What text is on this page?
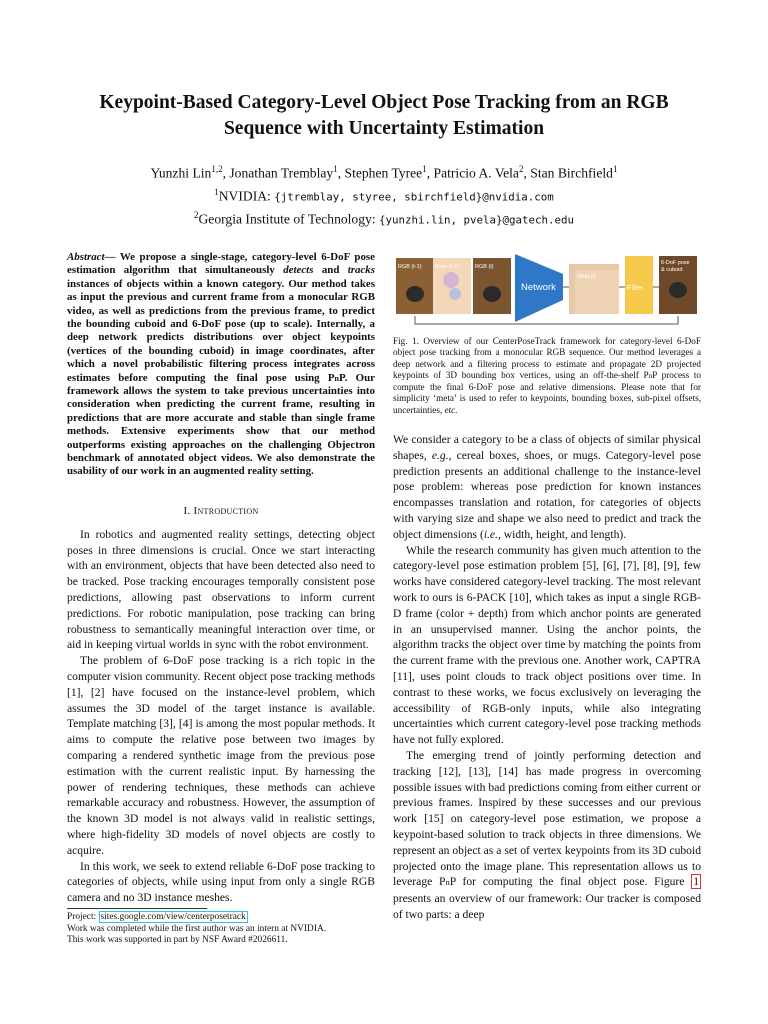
Keypoint-Based Category-Level Object Pose Tracking from an RGB
Sequence with Uncertainty Estimation
Yunzhi Lin$^{1,2}$, Jonathan Tremblay$^1$, Stephen Tyree$^1$, Patricio A. Vela$^2$, Stan Birchfield$^1$
$^1$NVIDIA: {jtremblay, styree, sbirchfield}@nvidia.com
$^2$Georgia Institute of Technology: {yunzhi.lin, pvela}@gatech.edu

Abstract— We propose a single-stage, category-level 6-DoF pose estimation algorithm that simultaneously detects and tracks instances of objects within a known category. Our method takes as input the previous and current frame from a monocular RGB video, as well as predictions from the previous frame, to predict the bounding cuboid and 6-DoF pose (up to scale). Internally, a deep network predicts distributions over object keypoints (vertices of the bounding cuboid) in image coordinates, after which a novel probabilistic filtering process integrates across estimates before computing the final pose using PnP. Our framework allows the system to take previous uncertainties into consideration when predicting the current frame, resulting in predictions that are more accurate and stable than single frame methods. Extensive experiments show that our method outperforms existing approaches on the challenging Objectron benchmark of annotated object videos. We also demonstrate the usability of our work in an augmented reality setting.

I. Introduction

In robotics and augmented reality settings, detecting object poses in three dimensions is crucial. Once we start interacting with an environment, objects that have been detected also need to be tracked. Pose tracking encourages temporally consistent pose predictions, allowing past observations to inform current predictions. For robotic manipulation, pose tracking can bring robustness to semantically meaningful interaction over time, or aid in keeping virtual worlds in sync with the robot environment.

The problem of 6-DoF pose tracking is a rich topic in the computer vision community. Recent object pose tracking methods [1], [2] have focused on the instance-level problem, which assumes the 3D model of the target instance is available. Template matching [3], [4] is among the most popular methods. It aims to compute the relative pose between two images by comparing a rendered synthetic image from the previous pose estimation with the current realistic input. By harnessing the power of rendering techniques, these methods can achieve remarkable accuracy and robustness. However, the assumption of the known 3D model is not always valid in realistic settings, where high-fidelity 3D models of novel objects are costly to acquire.

In this work, we seek to extend reliable 6-DoF pose tracking to categories of objects, while using input from only a single RGB camera and no 3D instance meshes.

Project: sites.google.com/view/centerposetrack

Work was completed while the first author was an intern at NVIDIA.

This work was supported in part by NSF Award #2026611.

RGB (t-1) Meta (t-1)	RGB (t)
Network
Meta (t)
Filter
6-DoF pose
& cuboid

Fig. 1. Overview of our CenterPoseTrack framework for category-level 6-DoF object pose tracking from a monocular RGB sequence. Our method leverages a deep network and a filtering process to estimate and propagate 2D projected keypoints of 3D bounding box vertices, using an off-the-shelf PnP process to compute the final 6-DoF pose and relative dimensions. Please note that for simplicity ‘meta’ is used to refer to keypoints, bounding boxes, sub-pixel offsets, uncertainties, etc.

We consider a category to be a class of objects of similar physical shapes, e.g., cereal boxes, shoes, or mugs. Category-level pose prediction presents an additional challenge to the instance-level pose problem: whereas pose prediction for known instances encompasses translation and rotation, for categories of objects with varying size and shape we also need to predict and track the object dimensions (i.e., width, height, and length).

While the research community has given much attention to the category-level pose estimation problem [5], [6], [7], [8], [9], few works have considered category-level tracking. The most relevant work to ours is 6-PACK [10], which takes as input a single RGB-D frame (color + depth) from which anchor points are generated in an unsupervised manner. Using the anchor points, the algorithm tracks the object over time by matching the points from the current frame with the previous one. Another work, CAPTRA [11], uses point clouds to track object positions over time. In contrast to these works, we focus exclusively on leveraging the accessibility of RGB-only inputs, while also integrating uncertainties which current category-level pose tracking methods have not fully explored.

The emerging trend of jointly performing detection and tracking [12], [13], [14] has made progress in overcoming possible issues with bad predictions coming from either current or previous frames. Inspired by these successes and our previous work [15] on category-level pose estimation, we propose a keypoint-based solution to track objects in three dimensions. We represent an object as a set of vertex keypoints from its 3D cuboid projected onto the image plane. This representation allows us to leverage PnP for computing the final object pose. Figure 1 presents an overview of our framework: Our tracker is composed of two parts: a deep
